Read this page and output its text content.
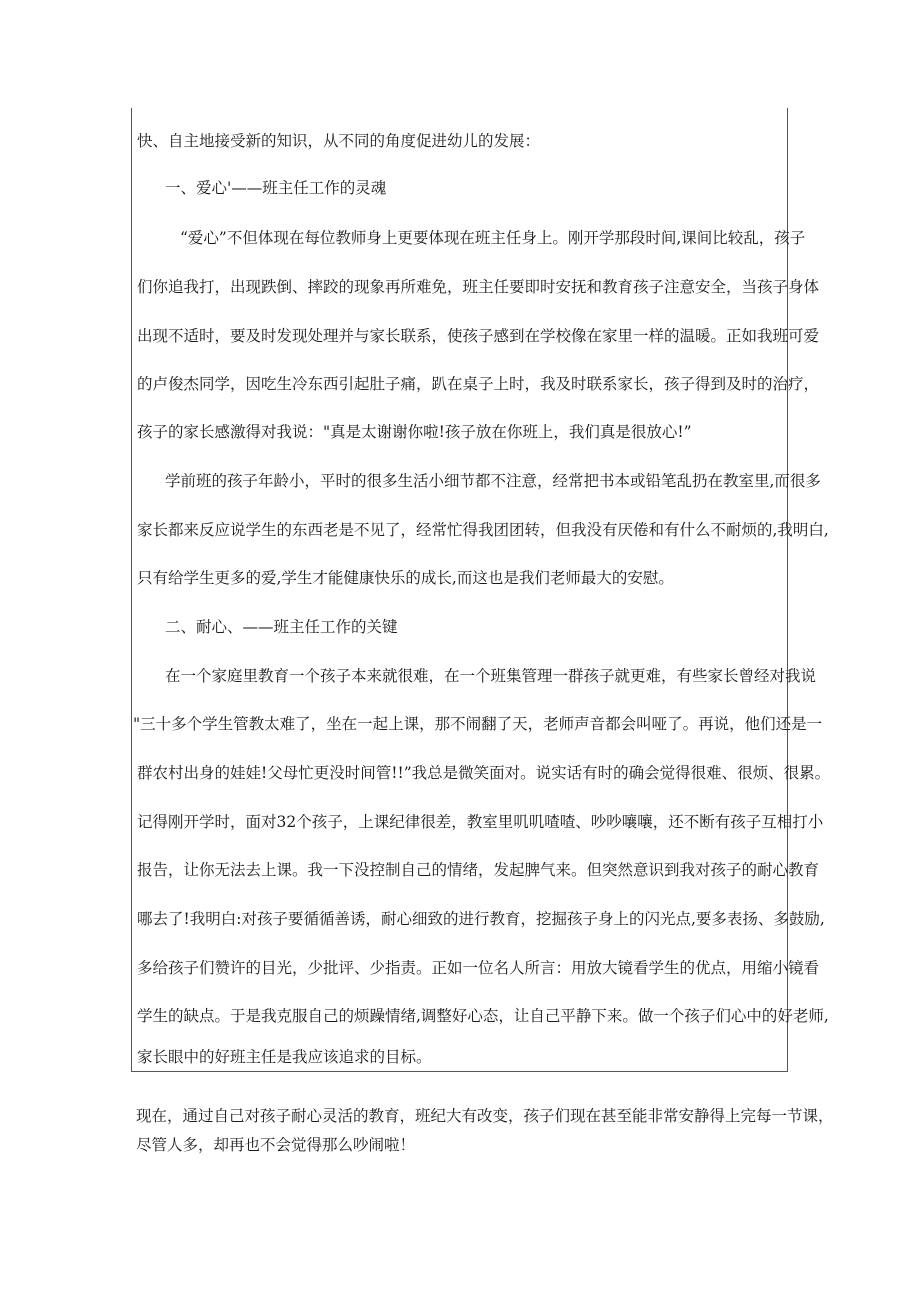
快、自主地接受新的知识，从不同的角度促进幼儿的发展：
一、爱心'——班主任工作的灵魂
“爱心”不但体现在每位教师身上更要体现在班主任身上。刚开学那段时间,课间比较乱，孩子
们你追我打，出现跌倒、摔跤的现象再所难免，班主任要即时安抚和教育孩子注意安全，当孩子身体
出现不适时，要及时发现处理并与家长联系，使孩子感到在学校像在家里一样的温暖。正如我班可爱
的卢俊杰同学，因吃生冷东西引起肚子痛，趴在桌子上时，我及时联系家长，孩子得到及时的治疗，
孩子的家长感激得对我说："真是太谢谢你啦!孩子放在你班上，我们真是很放心!”
学前班的孩子年龄小，平时的很多生活小细节都不注意，经常把书本或铅笔乱扔在教室里,而很多
家长都来反应说学生的东西老是不见了，经常忙得我团团转，但我没有厌倦和有什么不耐烦的,我明白,
只有给学生更多的爱,学生才能健康快乐的成长,而这也是我们老师最大的安慰。
二、耐心、——班主任工作的关键
在一个家庭里教育一个孩子本来就很难，在一个班集管理一群孩子就更难，有些家长曾经对我说
"三十多个学生管教太难了，坐在一起上课，那不闹翻了天，老师声音都会叫哑了。再说，他们还是一
群农村出身的娃娃!父母忙更没时间管!!”我总是微笑面对。说实话有时的确会觉得很难、很烦、很累。
记得刚开学时，面对32个孩子，上课纪律很差，教室里叽叽喳喳、吵吵嚷嚷，还不断有孩子互相打小
报告，让你无法去上课。我一下没控制自己的情绪，发起脾气来。但突然意识到我对孩子的耐心教育
哪去了!我明白:对孩子要循循善诱，耐心细致的进行教育，挖掘孩子身上的闪光点,要多表扬、多鼓励,
多给孩子们赞许的目光，少批评、少指责。正如一位名人所言：用放大镜看学生的优点，用缩小镜看
学生的缺点。于是我克服自己的烦躁情绪,调整好心态，让自己平静下来。做一个孩子们心中的好老师,
家长眼中的好班主任是我应该追求的目标。
现在，通过自己对孩子耐心灵活的教育，班纪大有改变，孩子们现在甚至能非常安静得上完每一节课，
尽管人多，却再也不会觉得那么吵闹啦！
